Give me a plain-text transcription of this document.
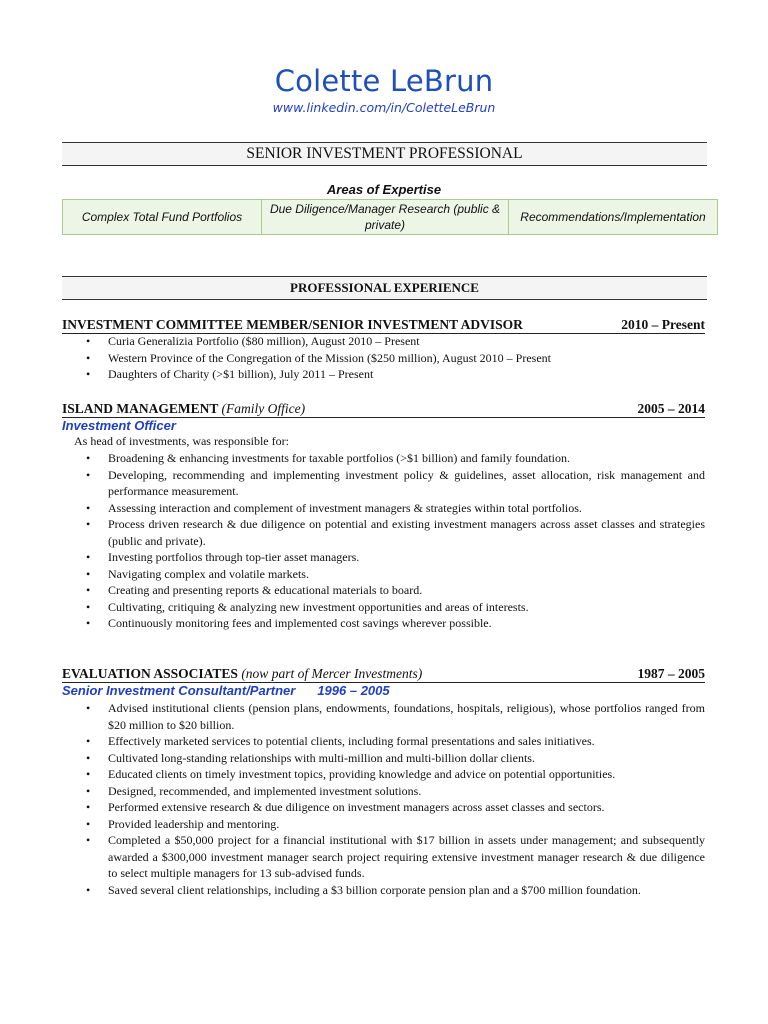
Colette LeBrun
www.linkedin.com/in/ColetteLeBrun
SENIOR INVESTMENT PROFESSIONAL
Areas of Expertise
Complex Total Fund Portfolios	Due Diligence/Manager Research (public & private)	Recommendations/Implementation
PROFESSIONAL EXPERIENCE
INVESTMENT COMMITTEE MEMBER/SENIOR INVESTMENT ADVISOR	2010 – Present
• Curia Generalizia Portfolio ($80 million), August 2010 – Present
• Western Province of the Congregation of the Mission ($250 million), August 2010 – Present
• Daughters of Charity (>$1 billion), July 2011 – Present
ISLAND MANAGEMENT (Family Office)	2005 – 2014
Investment Officer
As head of investments, was responsible for:
• Broadening & enhancing investments for taxable portfolios (>$1 billion) and family foundation.
• Developing, recommending and implementing investment policy & guidelines, asset allocation, risk management and performance measurement.
• Assessing interaction and complement of investment managers & strategies within total portfolios.
• Process driven research & due diligence on potential and existing investment managers across asset classes and strategies (public and private).
• Investing portfolios through top-tier asset managers.
• Navigating complex and volatile markets.
• Creating and presenting reports & educational materials to board.
• Cultivating, critiquing & analyzing new investment opportunities and areas of interests.
• Continuously monitoring fees and implemented cost savings wherever possible.
EVALUATION ASSOCIATES (now part of Mercer Investments)	1987 – 2005
Senior Investment Consultant/Partner 1996 – 2005
• Advised institutional clients (pension plans, endowments, foundations, hospitals, religious), whose portfolios ranged from $20 million to $20 billion.
• Effectively marketed services to potential clients, including formal presentations and sales initiatives.
• Cultivated long-standing relationships with multi-million and multi-billion dollar clients.
• Educated clients on timely investment topics, providing knowledge and advice on potential opportunities.
• Designed, recommended, and implemented investment solutions.
• Performed extensive research & due diligence on investment managers across asset classes and sectors.
• Provided leadership and mentoring.
• Completed a $50,000 project for a financial institutional with $17 billion in assets under management; and subsequently awarded a $300,000 investment manager search project requiring extensive investment manager research & due diligence to select multiple managers for 13 sub-advised funds.
• Saved several client relationships, including a $3 billion corporate pension plan and a $700 million foundation.
